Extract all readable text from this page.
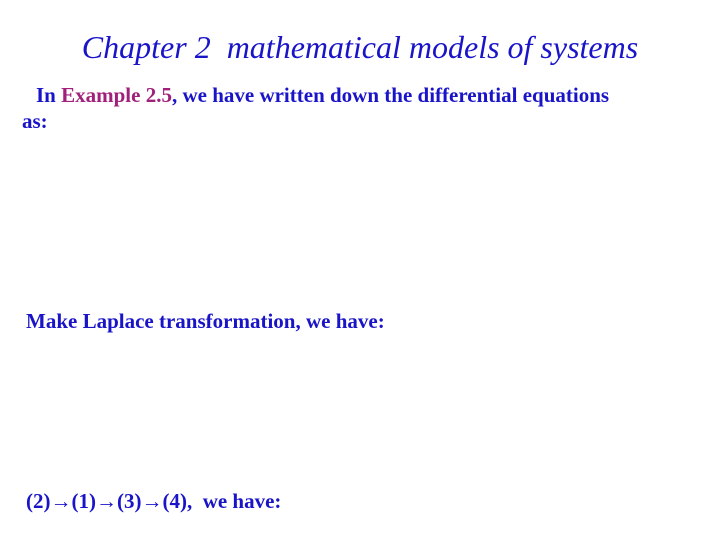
Chapter 2  mathematical models of systems
In Example 2.5, we have written down the differential equations
as:
Make Laplace transformation, we have:
(2)→(1)→(3)→(4),  we have:
